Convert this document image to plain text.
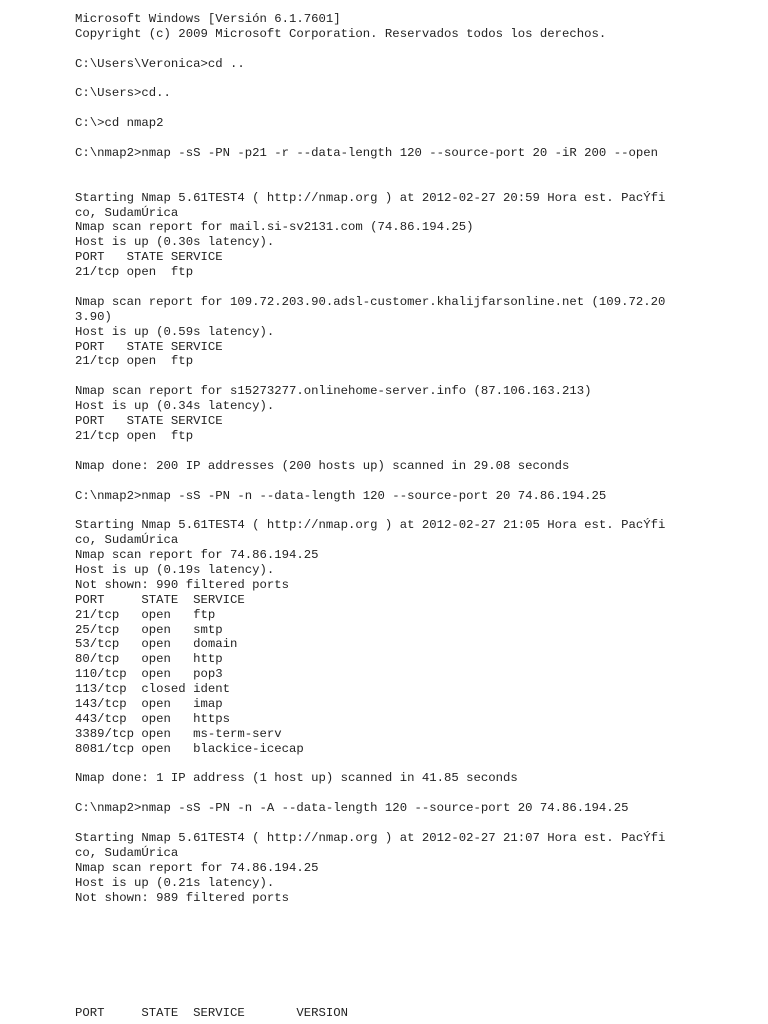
Microsoft Windows [Versión 6.1.7601]
Copyright (c) 2009 Microsoft Corporation. Reservados todos los derechos.
C:\Users\Veronica>cd ..
C:\Users>cd..
C:\>cd nmap2
C:\nmap2>nmap -sS -PN -p21 -r --data-length 120 --source-port 20 -iR 200 --open
Starting Nmap 5.61TEST4 ( http://nmap.org ) at 2012-02-27 20:59 Hora est. PacÝfi
co, SudamÚrica
Nmap scan report for mail.si-sv2131.com (74.86.194.25)
Host is up (0.30s latency).
PORT   STATE SERVICE
21/tcp open  ftp
Nmap scan report for 109.72.203.90.adsl-customer.khalijfarsonline.net (109.72.20
3.90)
Host is up (0.59s latency).
PORT   STATE SERVICE
21/tcp open  ftp
Nmap scan report for s15273277.onlinehome-server.info (87.106.163.213)
Host is up (0.34s latency).
PORT   STATE SERVICE
21/tcp open  ftp
Nmap done: 200 IP addresses (200 hosts up) scanned in 29.08 seconds
C:\nmap2>nmap -sS -PN -n --data-length 120 --source-port 20 74.86.194.25
Starting Nmap 5.61TEST4 ( http://nmap.org ) at 2012-02-27 21:05 Hora est. PacÝfi
co, SudamÚrica
Nmap scan report for 74.86.194.25
Host is up (0.19s latency).
Not shown: 990 filtered ports
PORT     STATE  SERVICE
21/tcp   open   ftp
25/tcp   open   smtp
53/tcp   open   domain
80/tcp   open   http
110/tcp  open   pop3
113/tcp  closed ident
143/tcp  open   imap
443/tcp  open   https
3389/tcp open   ms-term-serv
8081/tcp open   blackice-icecap
Nmap done: 1 IP address (1 host up) scanned in 41.85 seconds
C:\nmap2>nmap -sS -PN -n -A --data-length 120 --source-port 20 74.86.194.25
Starting Nmap 5.61TEST4 ( http://nmap.org ) at 2012-02-27 21:07 Hora est. PacÝfi
co, SudamÚrica
Nmap scan report for 74.86.194.25
Host is up (0.21s latency).
Not shown: 989 filtered ports
PORT     STATE  SERVICE       VERSION
